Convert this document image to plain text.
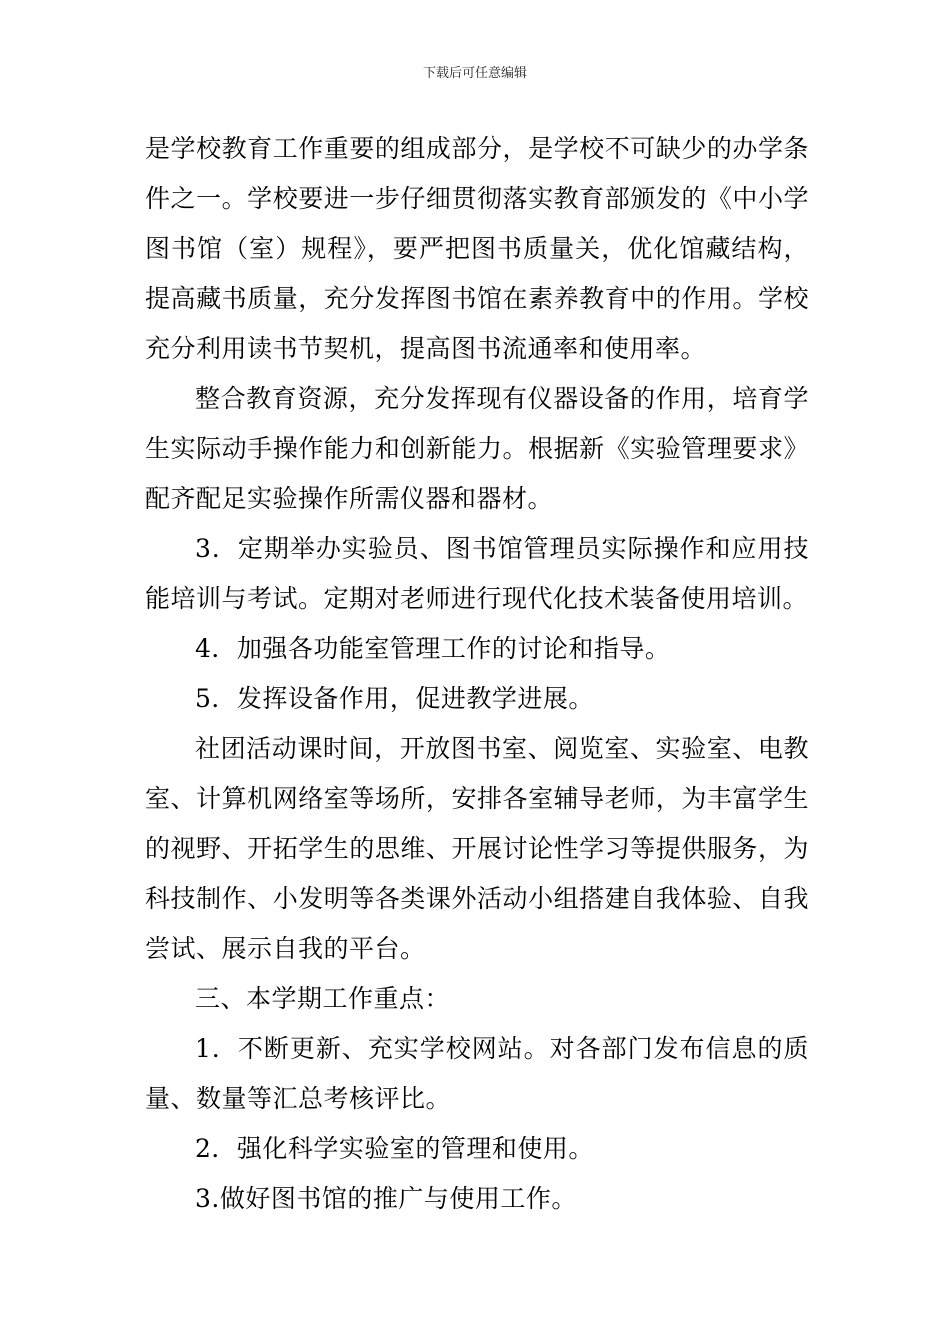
下载后可任意编辑

是学校教育工作重要的组成部分，是学校不可缺少的办学条件之一。学校要进一步仔细贯彻落实教育部颁发的《中小学图书馆（室）规程》，要严把图书质量关，优化馆藏结构，提高藏书质量，充分发挥图书馆在素养教育中的作用。学校充分利用读书节契机，提高图书流通率和使用率。

整合教育资源，充分发挥现有仪器设备的作用，培育学生实际动手操作能力和创新能力。根据新《实验管理要求》配齐配足实验操作所需仪器和器材。

3．定期举办实验员、图书馆管理员实际操作和应用技能培训与考试。定期对老师进行现代化技术装备使用培训。

4．加强各功能室管理工作的讨论和指导。

5．发挥设备作用，促进教学进展。

社团活动课时间，开放图书室、阅览室、实验室、电教室、计算机网络室等场所，安排各室辅导老师，为丰富学生的视野、开拓学生的思维、开展讨论性学习等提供服务，为科技制作、小发明等各类课外活动小组搭建自我体验、自我尝试、展示自我的平台。

三、本学期工作重点：

1．不断更新、充实学校网站。对各部门发布信息的质量、数量等汇总考核评比。

2．强化科学实验室的管理和使用。

3.做好图书馆的推广与使用工作。
